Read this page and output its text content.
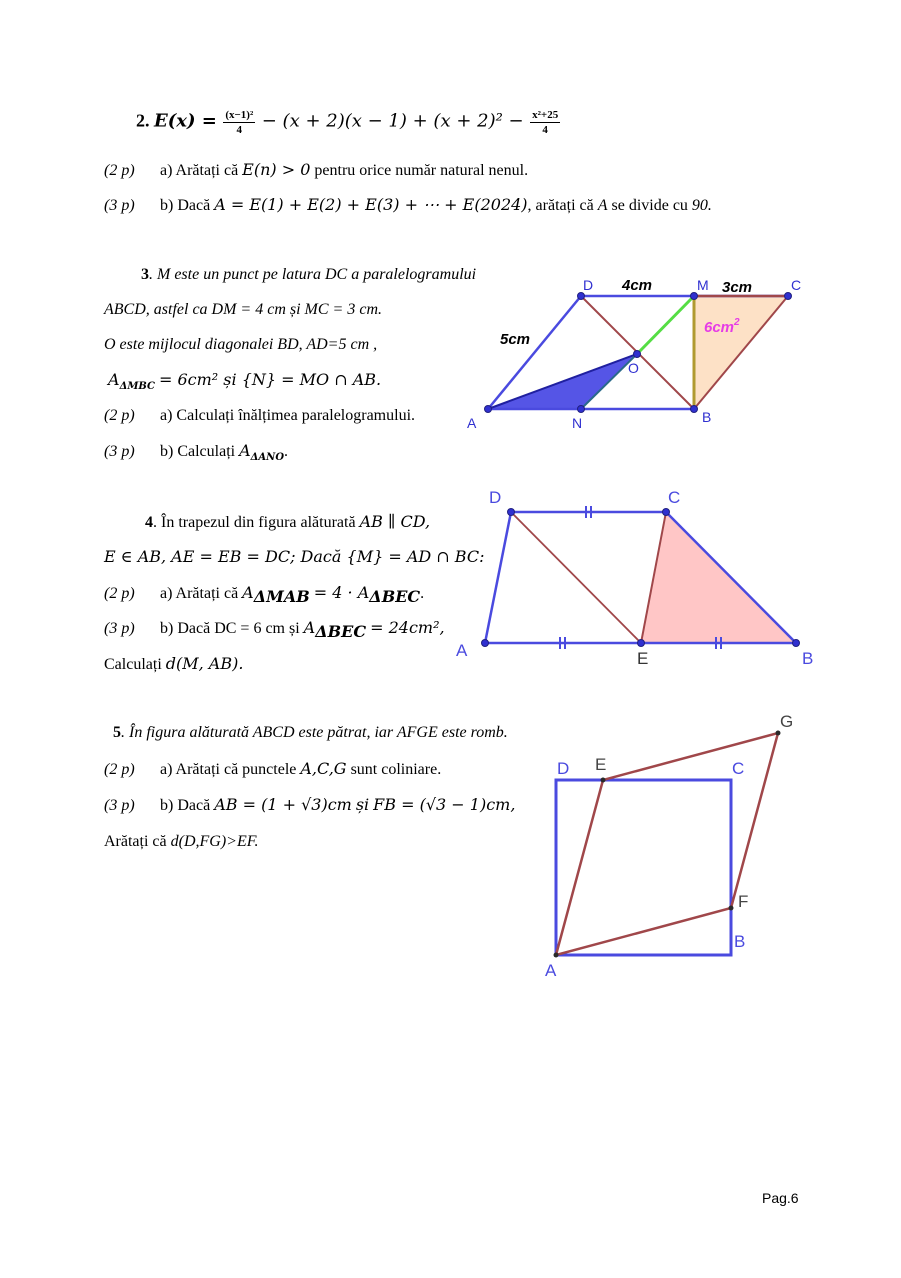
2. $E(x) = \frac{\text{(x−1)²}}{4} - (x + 2)(x - 1) + (x + 2)^2 - \frac{\text{x²+25}}{4}$
(2 p) a) Arătați că E(n) > 0 pentru orice număr natural nenul.
(3 p) b) Dacă A = E(1) + E(2) + E(3) + ⋯ + E(2024), arătați că A se divide cu 90.
3. M este un punct pe latura DC a paralelogramului
ABCD, astfel ca DM = 4 cm și MC = 3 cm.
O este mijlocul diagonalei BD, AD=5 cm ,
$A_{\Delta MBC} = 6cm^2$ și {N} = MO ∩ AB.
(2 p) a) Calculați înălțimea paralelogramului.
(3 p) b) Calculați $A_{\Delta ANO}$.
D	M	C
O
A	N	B
4cm	3cm
5cm
$6cm^2$
4. În trapezul din figura alăturată AB ∥ CD,
E ∈ AB, AE = EB = DC; Dacă {M} = AD ∩ BC:
(2 p) a) Arătați că $A_{\Delta MAB} = 4 \cdot A_{\Delta BEC}$.
(3 p) b) Dacă DC = 6 cm și $A_{\Delta BEC} = 24cm^2$,
Calculați d(M, AB).
D	C
A	E	B
5. În figura alăturată ABCD este pătrat, iar AFGE este romb.
(2 p) a) Arătați că punctele A,C,G sunt coliniare.
(3 p) b) Dacă AB = (1 + √3)cm și FB = (√3 − 1)cm,
Arătați că d(D,FG)>EF.
G
D E	C
F
B
A
Pag.6
